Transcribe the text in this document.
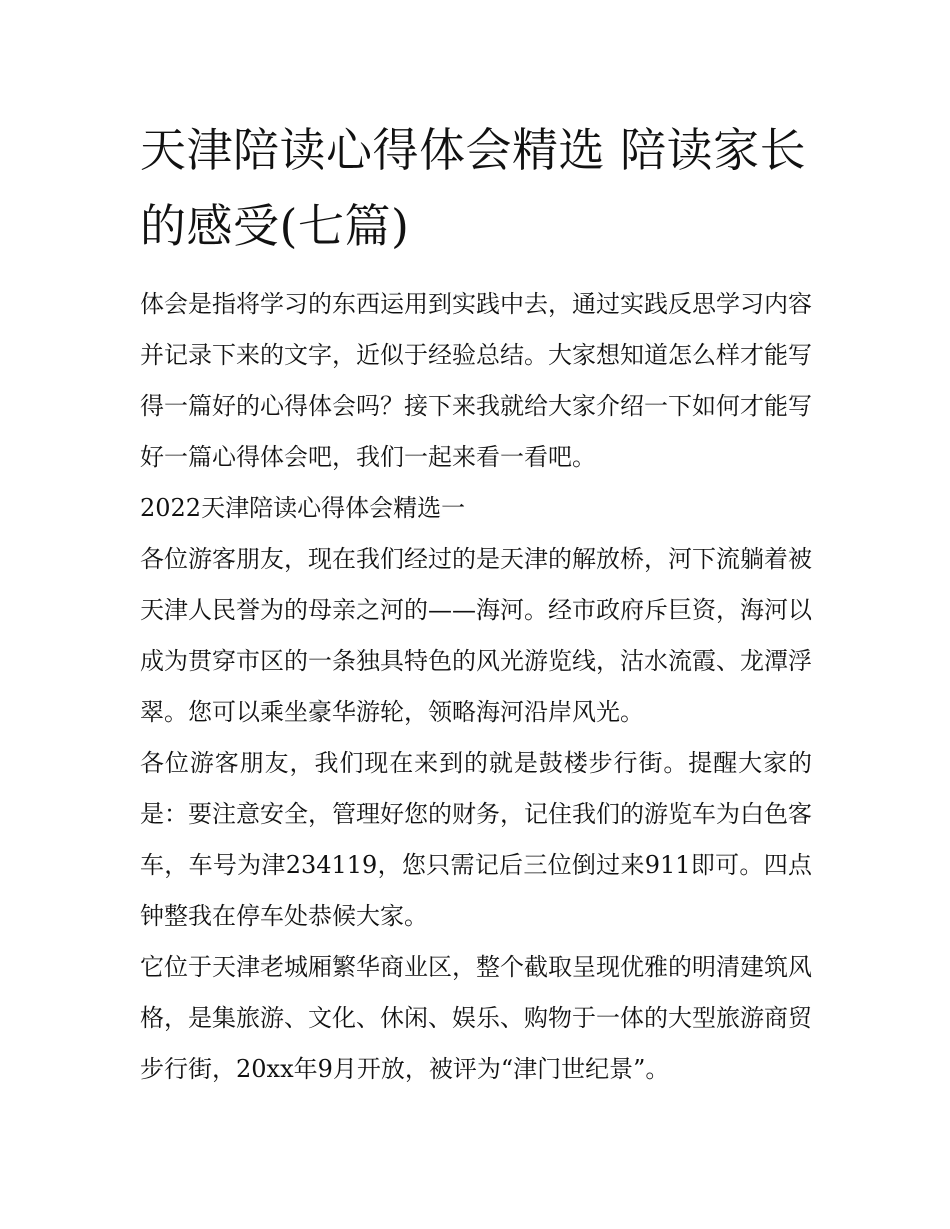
天津陪读心得体会精选 陪读家长的感受(七篇)

体会是指将学习的东西运用到实践中去，通过实践反思学习内容并记录下来的文字，近似于经验总结。大家想知道怎么样才能写得一篇好的心得体会吗？接下来我就给大家介绍一下如何才能写好一篇心得体会吧，我们一起来看一看吧。

2022天津陪读心得体会精选一

各位游客朋友，现在我们经过的是天津的解放桥，河下流躺着被天津人民誉为的母亲之河的——海河。经市政府斥巨资，海河以成为贯穿市区的一条独具特色的风光游览线，沽水流霞、龙潭浮翠。您可以乘坐豪华游轮，领略海河沿岸风光。

各位游客朋友，我们现在来到的就是鼓楼步行街。提醒大家的是：要注意安全，管理好您的财务，记住我们的游览车为白色客车，车号为津234119，您只需记后三位倒过来911即可。四点钟整我在停车处恭候大家。

它位于天津老城厢繁华商业区，整个截取呈现优雅的明清建筑风格，是集旅游、文化、休闲、娱乐、购物于一体的大型旅游商贸步行街，20xx年9月开放，被评为“津门世纪景”。
